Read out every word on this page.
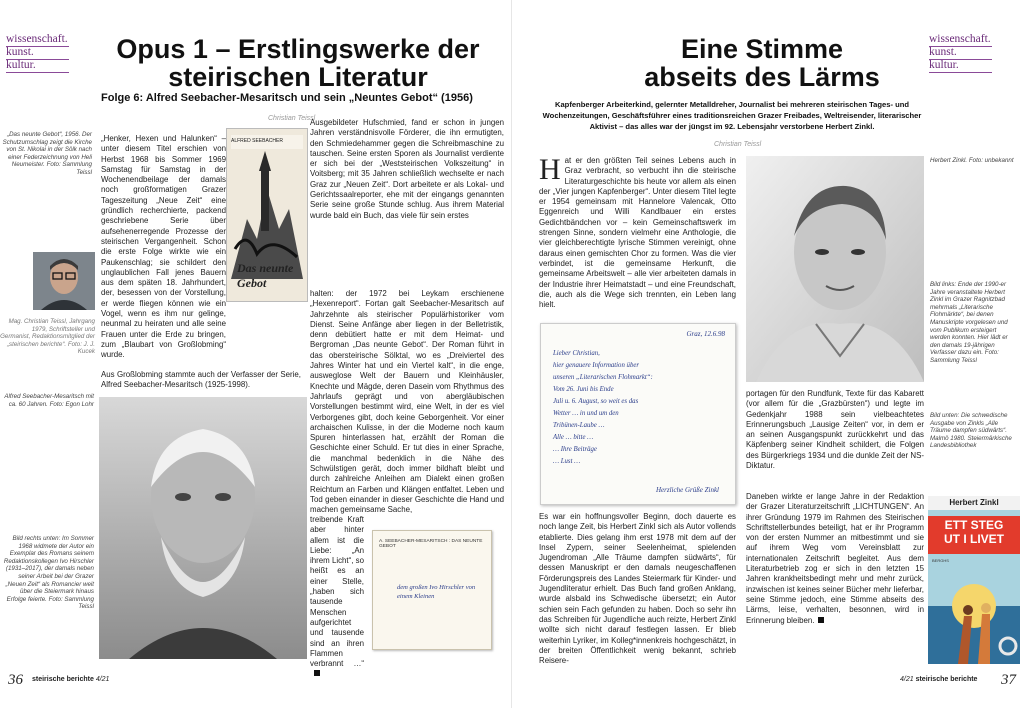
wissenschaft.
kunst.
kultur.
Opus 1 – Erstlingswerke der
steirischen Literatur
Folge 6: Alfred Seebacher-Mesaritsch und sein „Neuntes Gebot“ (1956)
Christian Teissl
„Das neunte Gebot“, 1956. Der Schutzumschlag zeigt die Kirche von St. Nikolai in der Sölk nach einer Federzeichnung von Heli Neumeister. Foto: Sammlung Teissl
Mag. Christian Teissl, Jahrgang 1979, Schriftsteller und Germanist, Redaktionsmitglied der „steirischen berichte“. Foto: J. J. Kucek
Alfred Seebacher-Mesaritsch mit ca. 60 Jahren. Foto: Egon Lohr
Bild rechts unten: Im Sommer 1968 widmete der Autor ein Exemplar des Romans seinem Redaktionskollegen Ivo Hirschler (1931–2017), der damals neben seiner Arbeit bei der Grazer „Neuen Zeit“ als Romancier weit über die Steiermark hinaus Erfolge feierte. Foto: Sammlung Teissl

„Henker, Hexen und Halunken“ – unter diesem Titel erschien von Herbst 1968 bis Sommer 1969 Samstag für Samstag in der Wochenendbeilage der damals noch großformatigen Grazer Tageszeitung „Neue Zeit“ eine gründlich recherchierte, packend geschriebene Serie über aufsehenerregende Prozesse der steirischen Vergangenheit. Schon die erste Folge wirkte wie ein Paukenschlag; sie schildert den unglaublichen Fall jenes Bauern aus dem späten 18. Jahrhundert, der, besessen von der Vorstellung, er werde fliegen können wie ein Vogel, wenn es ihm nur gelinge, neunmal zu heiraten und alle seine Frauen unter die Erde zu bringen, zum „Blaubart von Großlobming“ wurde.

Aus Großlobming stammte auch der Verfasser der Serie, Alfred Seebacher-Mesaritsch (1925-1998).

ALFRED SEEBACHER
Das neunte Gebot

Ausgebildeter Hufschmied, fand er schon in jungen Jahren verständnisvolle Förderer, die ihn ermutigten, den Schmiedehammer gegen die Schreibmaschine zu tauschen. Seine ersten Sporen als Journalist verdiente er sich bei der „Weststeirischen Volkszeitung“ in Voitsberg; mit 35 Jahren schließlich wechselte er nach Graz zur „Neuen Zeit“. Dort arbeitete er als Lokal- und Gerichtssaalreporter, ehe mit der eingangs genannten Serie seine große Stunde schlug. Aus ihrem Material wurde bald ein Buch, das viele für sein erstes

halten: der 1972 bei Leykam erschienene „Hexenreport“. Fortan galt Seebacher-Mesaritsch auf Jahrzehnte als steirischer Populärhistoriker vom Dienst. Seine Anfänge aber liegen in der Belletristik, denn debütiert hatte er mit dem Heimat- und Bergroman „Das neunte Gebot“. Der Roman führt in das obersteirische Sölktal, wo es „Dreiviertel des Jahres Winter hat und ein Viertel kalt“, in die enge, ausweglose Welt der Bauern und Kleinhäusler, Knechte und Mägde, deren Dasein vom Rhythmus des Jahrlaufs geprägt und von abergläubischen Vorstellungen bestimmt wird, eine Welt, in der es viel Verborgenes gibt, doch keine Geborgenheit. Vor einer archaischen Kulisse, in der die Moderne noch kaum Spuren hinterlassen hat, erzählt der Roman die Geschichte einer Schuld. Er tut dies in einer Sprache, die manchmal bedenklich in die Nähe des Schwülstigen gerät, doch immer bildhaft bleibt und durch zahlreiche Anleihen am Dialekt einen großen Reichtum an Farben und Klängen entfaltet. Leben und Tod geben einander in dieser Geschichte die Hand und machen gemeinsame Sache,

treibende Kraft aber hinter allem ist die Liebe: „An ihrem Licht“, so heißt es an einer Stelle, „haben sich tausende Menschen aufgerichtet und tausende sind an ihren Flammen verbrannt …“

A. SEEBACHER-MESARITSCH : DAS NEUNTE GEBOT
dem großen Ivo Hirschler von einem Kleinen
36 steirische berichte 4/21
wissenschaft.
kunst.
kultur.
Eine Stimme
abseits des Lärms
Kapfenberger Arbeiterkind, gelernter Metalldreher, Journalist bei mehreren steirischen Tages- und Wochenzeitungen, Geschäftsführer eines traditionsreichen Grazer Freibades, Weltreisender, literarischer Aktivist – das alles war der jüngst im 92. Lebensjahr verstorbene Herbert Zinkl.
Christian Teissl

Hat er den größten Teil seines Lebens auch in Graz verbracht, so verbucht ihn die steirische Literaturgeschichte bis heute vor allem als einen der „Vier jungen Kapfenberger“. Unter diesem Titel legte er 1954 gemeinsam mit Hannelore Valencak, Otto Eggenreich und Willi Kandlbauer ein erstes Gedichtbändchen vor – kein Gemeinschaftswerk im strengen Sinne, sondern vielmehr eine Anthologie, die vier gleichberechtigte lyrische Stimmen vereinigt, ohne daraus einen gemischten Chor zu formen. Was die vier verbindet, ist die gemeinsame Herkunft, die gemeinsame Arbeitswelt – alle vier arbeiteten damals in der Industrie ihrer Heimatstadt – und eine Freundschaft, die, auch als die Wege sich trennten, ein Leben lang hielt.

Graz, 12.6.98
Lieber Christian,
hier genauere Information über
unseren „Literarischen Flohmarkt“:
Vom 26. Juni bis Ende
Juli u. 6. August, so weit es das
Wetter … in und um den
Tribünen-Laube …
Alle … bitte …
… Ihre Beiträge
… Lust …
Herzliche Grüße Zinkl

Es war ein hoffnungsvoller Beginn, doch dauerte es noch lange Zeit, bis Herbert Zinkl sich als Autor vollends etablierte. Dies gelang ihm erst 1978 mit dem auf der Insel Zypern, seiner Seelenheimat, spielenden Jugendroman „Alle Träume dampfen südwärts“, für dessen Manuskript er den damals neugeschaffenen Förderungspreis des Landes Steiermark für Kinder- und Jugendliteratur erhielt. Das Buch fand großen Anklang, wurde alsbald ins Schwedische übersetzt; ein Autor schien sein Fach gefunden zu haben. Doch so sehr ihn das Schreiben für Jugendliche auch reizte, Herbert Zinkl wollte sich nicht darauf festlegen lassen. Er blieb weiterhin Lyriker, im Kolleg*innenkreis hochgeschätzt, in der breiten Öffentlichkeit wenig bekannt, schrieb Reisere-

Herbert Zinkl. Foto: unbekannt
Bild links: Ende der 1990-er Jahre veranstaltete Herbert Zinkl im Grazer Ragnitzbad mehrmals „Literarische Flohmärkte“, bei denen Manuskripte vorgelesen und vom Publikum ersteigert werden konnten. Hier lädt er den damals 19-jährigen Verfasser dazu ein. Foto: Sammlung Teissl
Bild unten: Die schwedische Ausgabe von Zinkls „Alle Träume dampfen südwärts“. Malmö 1980. Steiermärkische Landesbibliothek

portagen für den Rundfunk, Texte für das Kabarett (vor allem für die „Grazbürsten“) und legte im Gedenkjahr 1988 sein vielbeachtetes Erinnerungsbuch „Lausige Zeiten“ vor, in dem er an seinen Ausgangspunkt zurückkehrt und das Käpfenberg seiner Kindheit schildert, die Folgen des Bürgerkriegs 1934 und die dunkle Zeit der NS-Diktatur.

Daneben wirkte er lange Jahre in der Redaktion der Grazer Literaturzeitschrift „LICHTUNGEN“. An ihrer Gründung 1979 im Rahmen des Steirischen Schriftstellerbundes beteiligt, hat er ihr Programm von der ersten Nummer an mitbestimmt und sie auf ihrem Weg vom Vereinsblatt zur internationalen Zeitschrift begleitet. Aus dem Literaturbetrieb zog er sich in den letzten 15 Jahren krankheitsbedingt mehr und mehr zurück, inzwischen ist keines seiner Bücher mehr lieferbar, seine Stimme jedoch, eine Stimme abseits des Lärms, leise, verhalten, besonnen, wird in Erinnerung bleiben.

Herbert Zinkl
ETT STEG
UT I LIVET
BERGHS
4/21 steirische berichte 37
